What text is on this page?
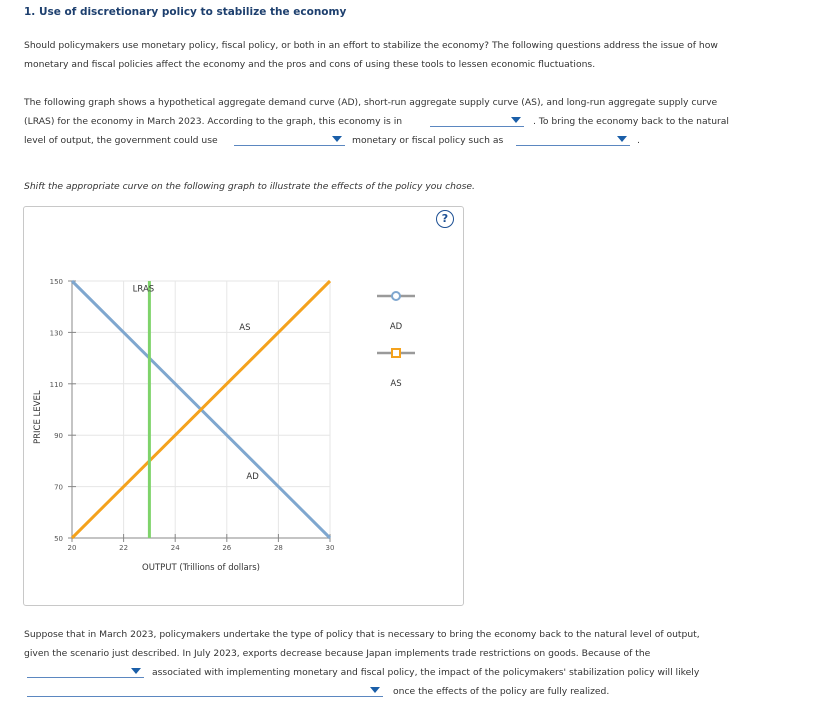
1. Use of discretionary policy to stabilize the economy
Should policymakers use monetary policy, fiscal policy, or both in an effort to stabilize the economy? The following questions address the issue of how
monetary and fiscal policies affect the economy and the pros and cons of using these tools to lessen economic fluctuations.
The following graph shows a hypothetical aggregate demand curve (AD), short-run aggregate supply curve (AS), and long-run aggregate supply curve
(LRAS) for the economy in March 2023. According to the graph, this economy is in	. To bring the economy back to the natural
level of output, the government could use	monetary or fiscal policy such as	.
Shift the appropriate curve on the following graph to illustrate the effects of the policy you chose.
?
50
70
90
110
130
150
20	22	24	26	28	30
LRAS
AS
AD
PRICE LEVEL
OUTPUT (Trillions of dollars)
AD
AS
Suppose that in March 2023, policymakers undertake the type of policy that is necessary to bring the economy back to the natural level of output,
given the scenario just described. In July 2023, exports decrease because Japan implements trade restrictions on goods. Because of the
associated with implementing monetary and fiscal policy, the impact of the policymakers' stabilization policy will likely
once the effects of the policy are fully realized.
